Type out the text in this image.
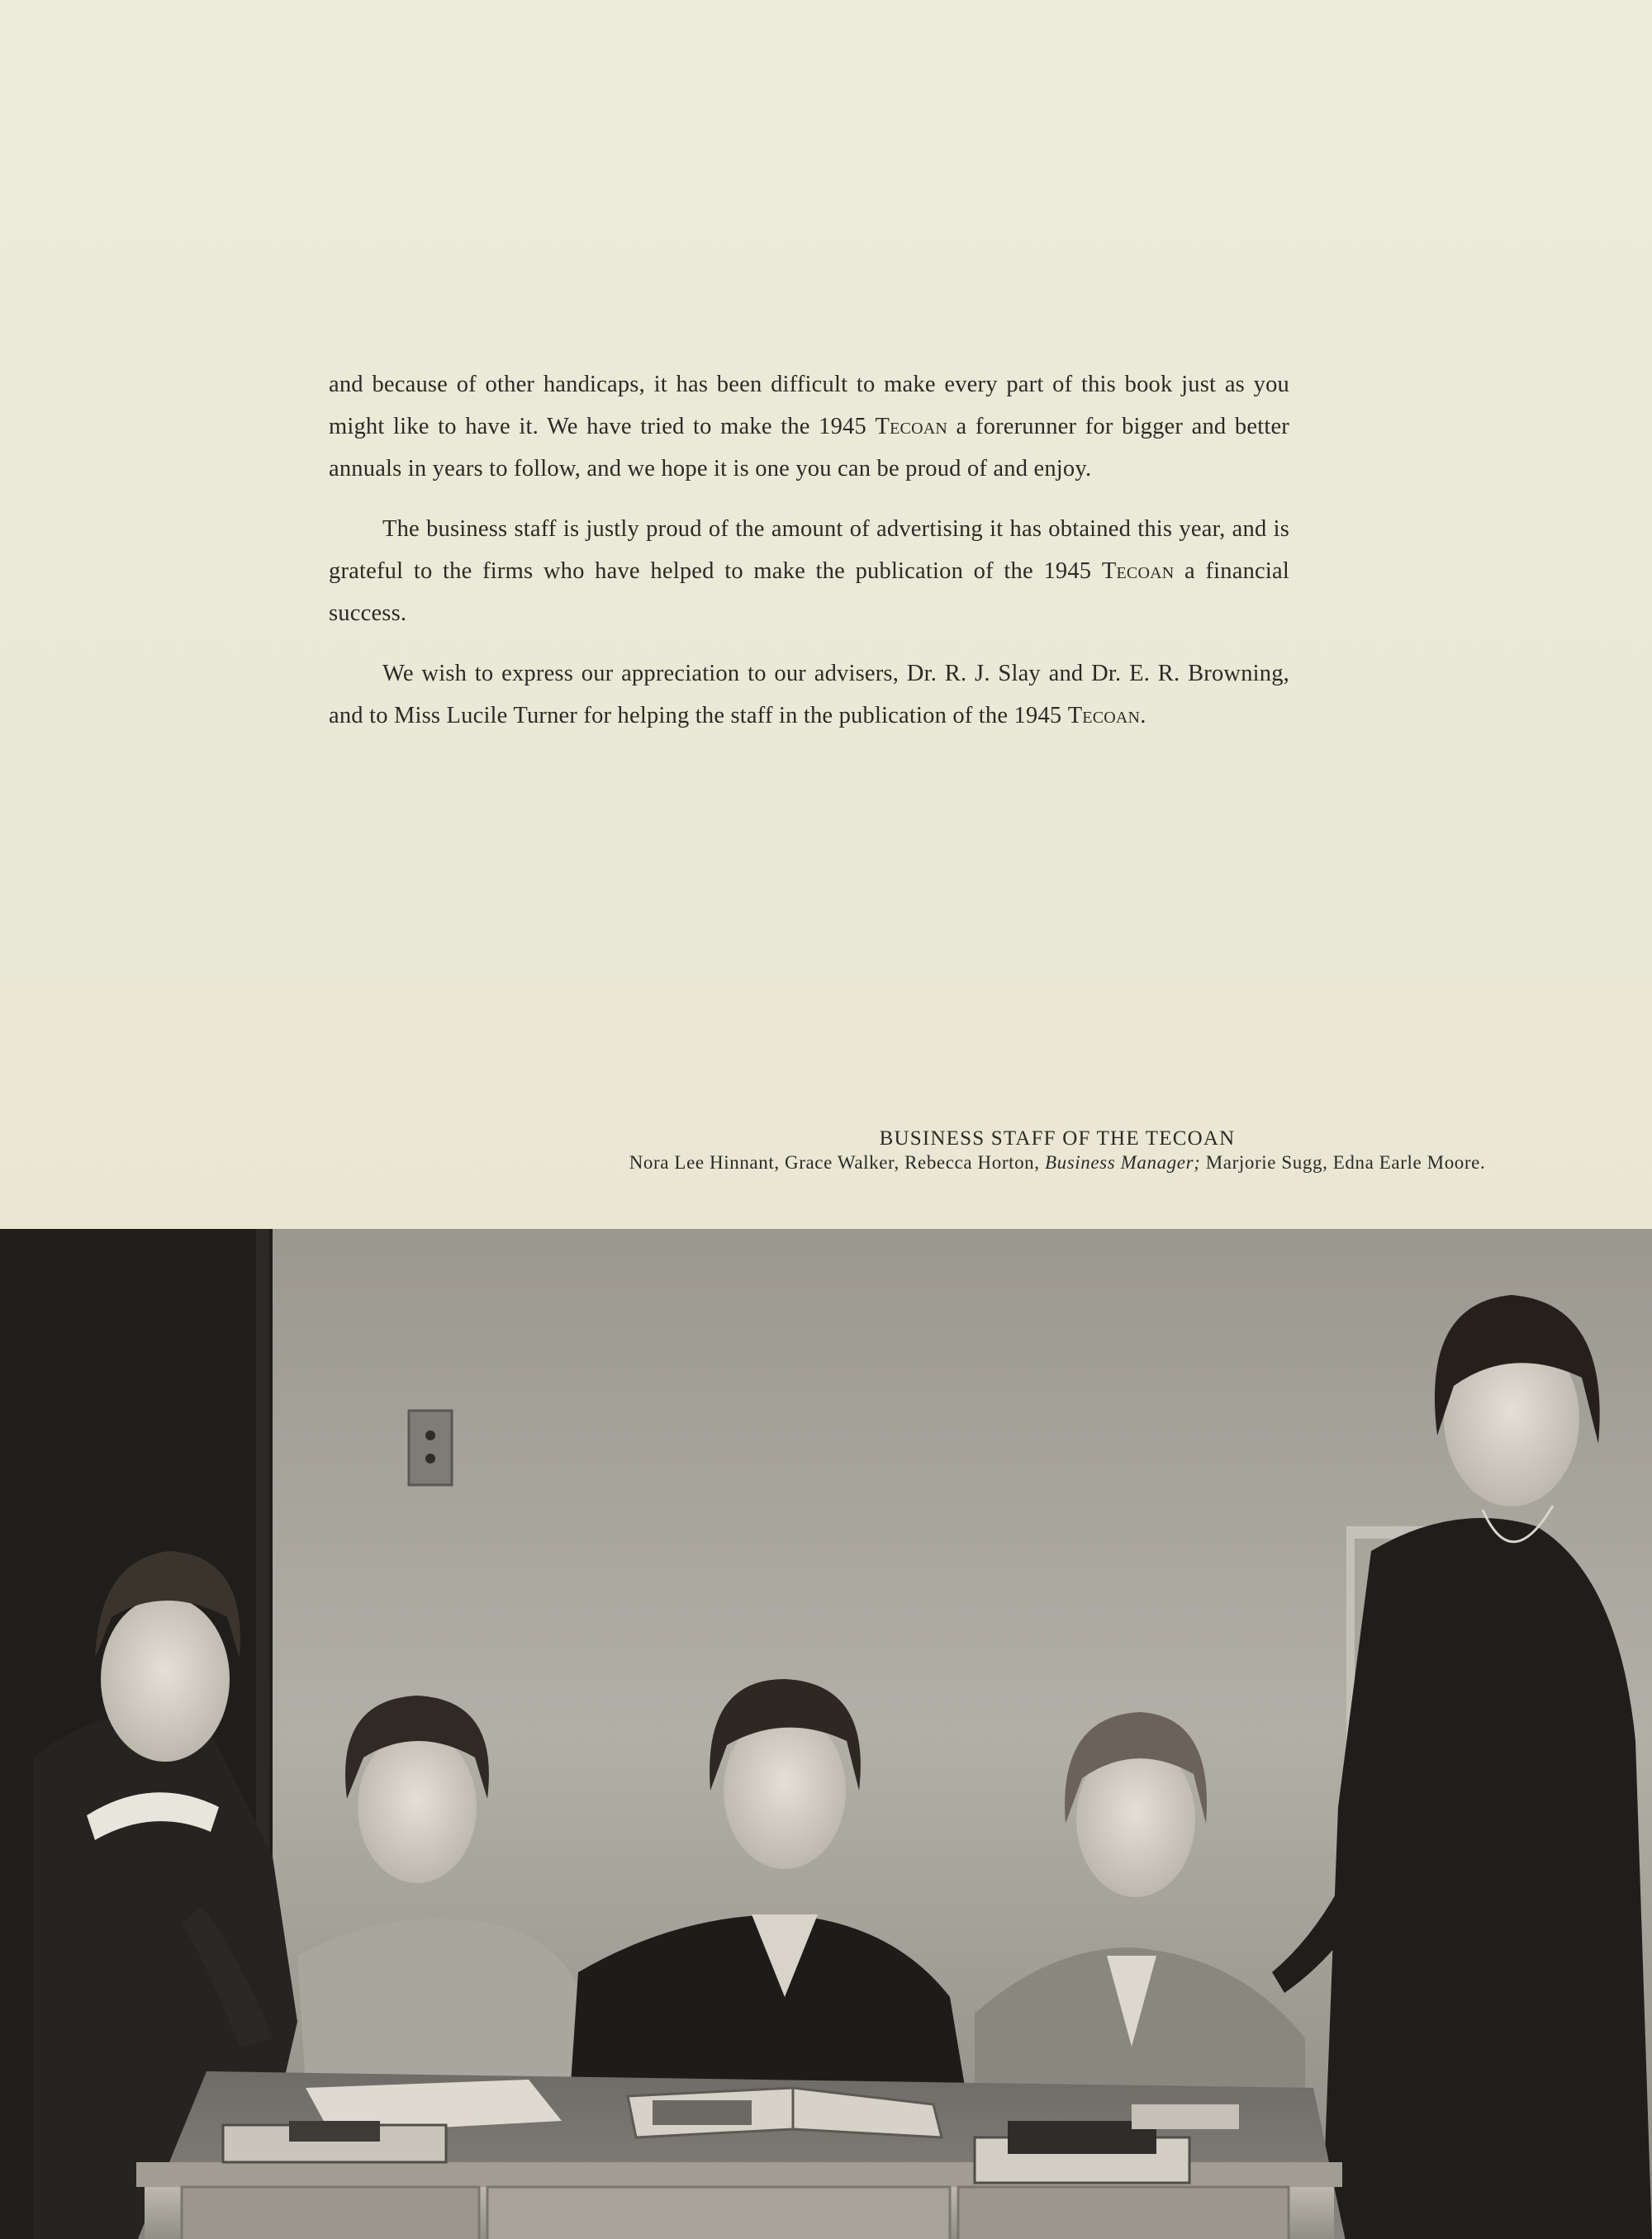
and because of other handicaps, it has been difficult to make every part of this book just as you might like to have it. We have tried to make the 1945 Tecoan a forerunner for bigger and better annuals in years to follow, and we hope it is one you can be proud of and enjoy.

The business staff is justly proud of the amount of advertising it has obtained this year, and is grateful to the firms who have helped to make the publication of the 1945 Tecoan a financial success.

We wish to express our appreciation to our advisers, Dr. R. J. Slay and Dr. E. R. Browning, and to Miss Lucile Turner for helping the staff in the publication of the 1945 Tecoan.

BUSINESS STAFF OF THE TECOAN
Nora Lee Hinnant, Grace Walker, Rebecca Horton, Business Manager; Marjorie Sugg, Edna Earle Moore.
